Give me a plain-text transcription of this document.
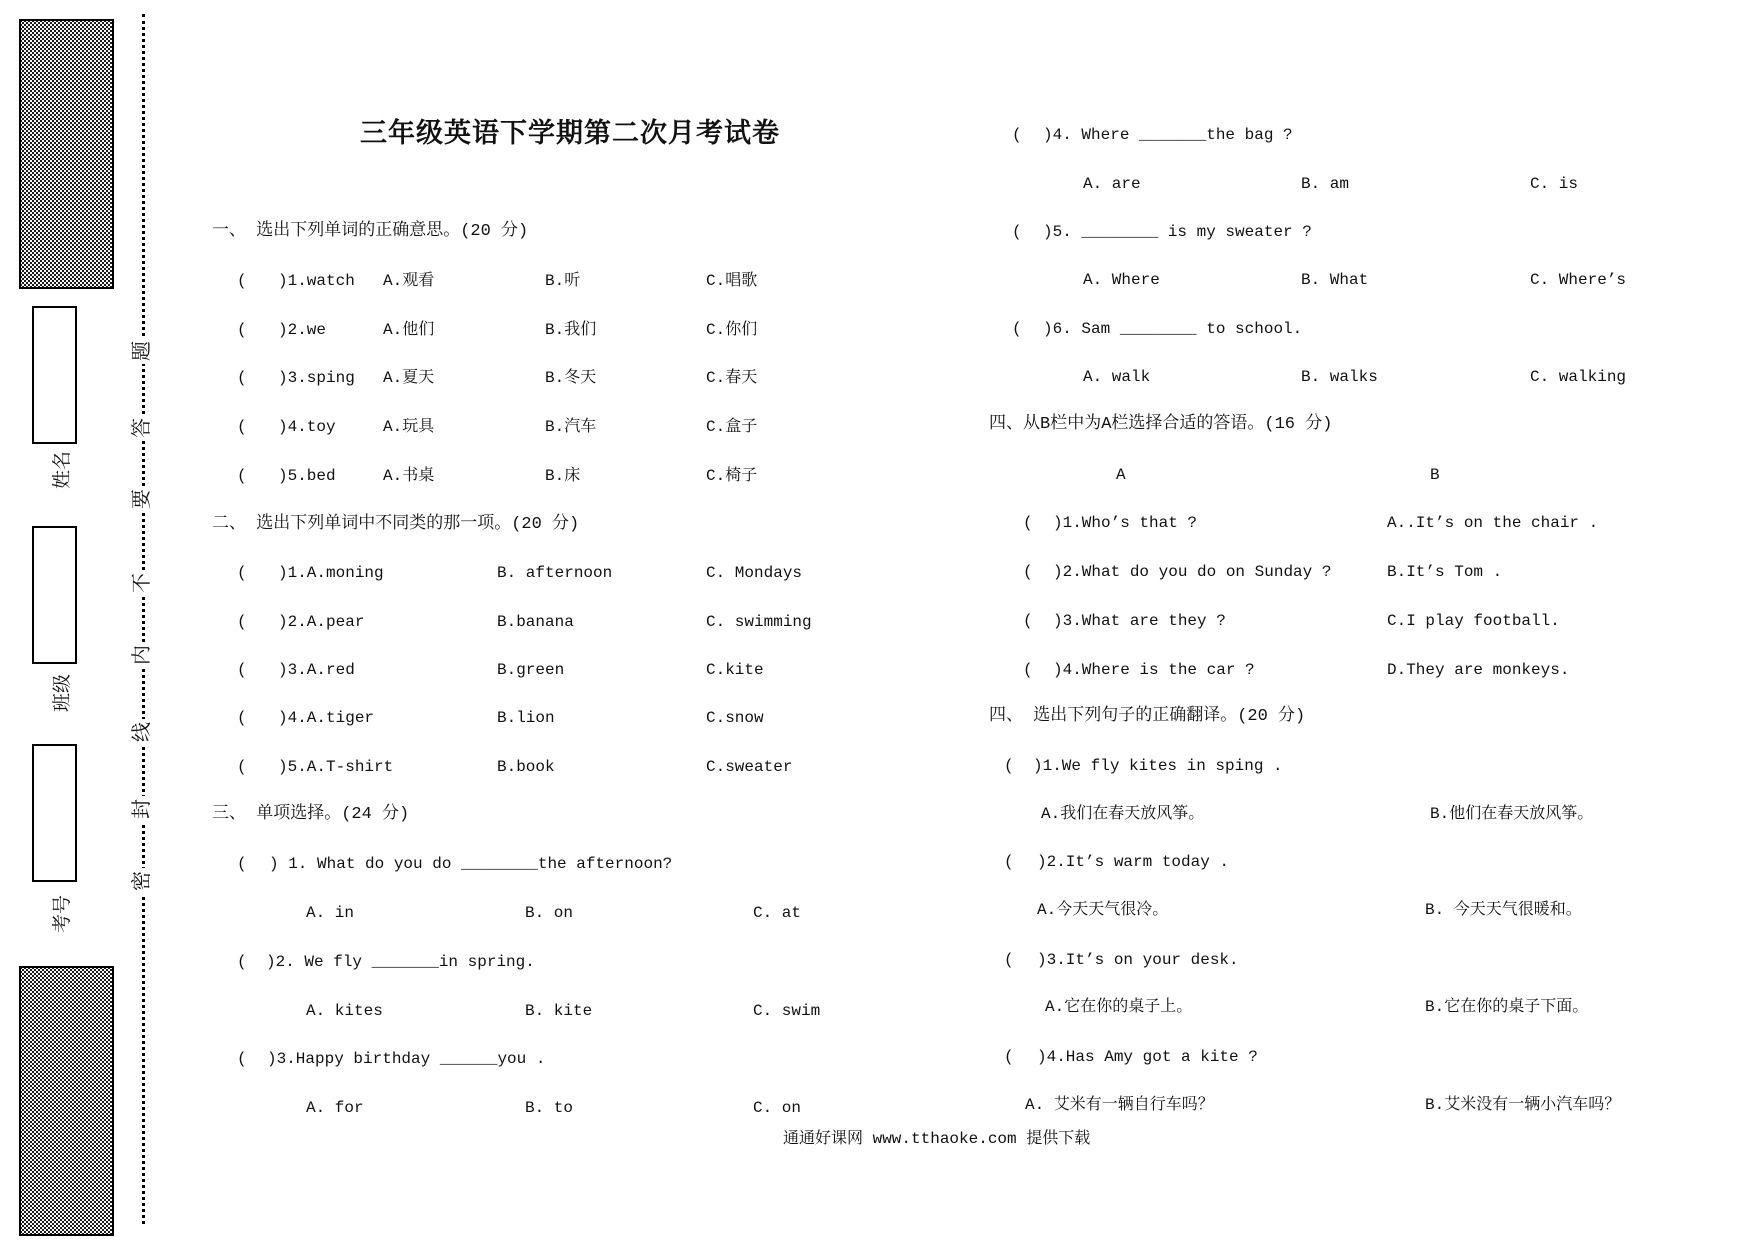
姓名
班级
考号
题
答
要
不
内
线
封
密
三年级英语下学期第二次月考试卷
一、 选出下列单词的正确意思。(20 分)
( )1.watch A.观看	B.听	C.唱歌
( )2.we	A.他们	B.我们	C.你们
( )3.sping A.夏天	B.冬天	C.春天
( )4.toy	A.玩具	B.汽车	C.盒子
( )5.bed	A.书桌	B.床	C.椅子
二、 选出下列单词中不同类的那一项。(20 分)
( )1.A.moning	B. afternoon	C. Mondays
( )2.A.pear	B.banana	C. swimming
( )3.A.red	B.green	C.kite
( )4.A.tiger	B.lion	C.snow
( )5.A.T-shirt	B.book	C.sweater
三、 单项选择。(24 分)
( ) 1. What do you do ________the afternoon?
A. in	B. on	C. at
( )2. We fly _______in spring.
A. kites	B. kite	C. swim
( )3.Happy birthday ______you .
A. for	B. to	C. on
( )4. Where _______the bag ?
A. are	B. am	C. is
( )5. ________ is my sweater ?
A. Where	B. What	C. Where’s
( )6. Sam ________ to school.
A. walk	B. walks	C. walking
四、从B栏中为A栏选择合适的答语。(16 分)
A	B
( )1.Who’s that ?	A..It’s on the chair .
( )2.What do you do on Sunday ?	B.It’s Tom .
( )3.What are they ?	C.I play football.
( )4.Where is the car ?	D.They are monkeys.
四、 选出下列句子的正确翻译。(20 分)
( )1.We fly kites in sping .
A.我们在春天放风筝。	B.他们在春天放风筝。
( )2.It’s warm today .
A.今天天气很冷。	B. 今天天气很暖和。
( )3.It’s on your desk.
A.它在你的桌子上。	B.它在你的桌子下面。
( )4.Has Amy got a kite ?
A. 艾米有一辆自行车吗？	B.艾米没有一辆小汽车吗？
通通好课网 www.tthaoke.com 提供下载
